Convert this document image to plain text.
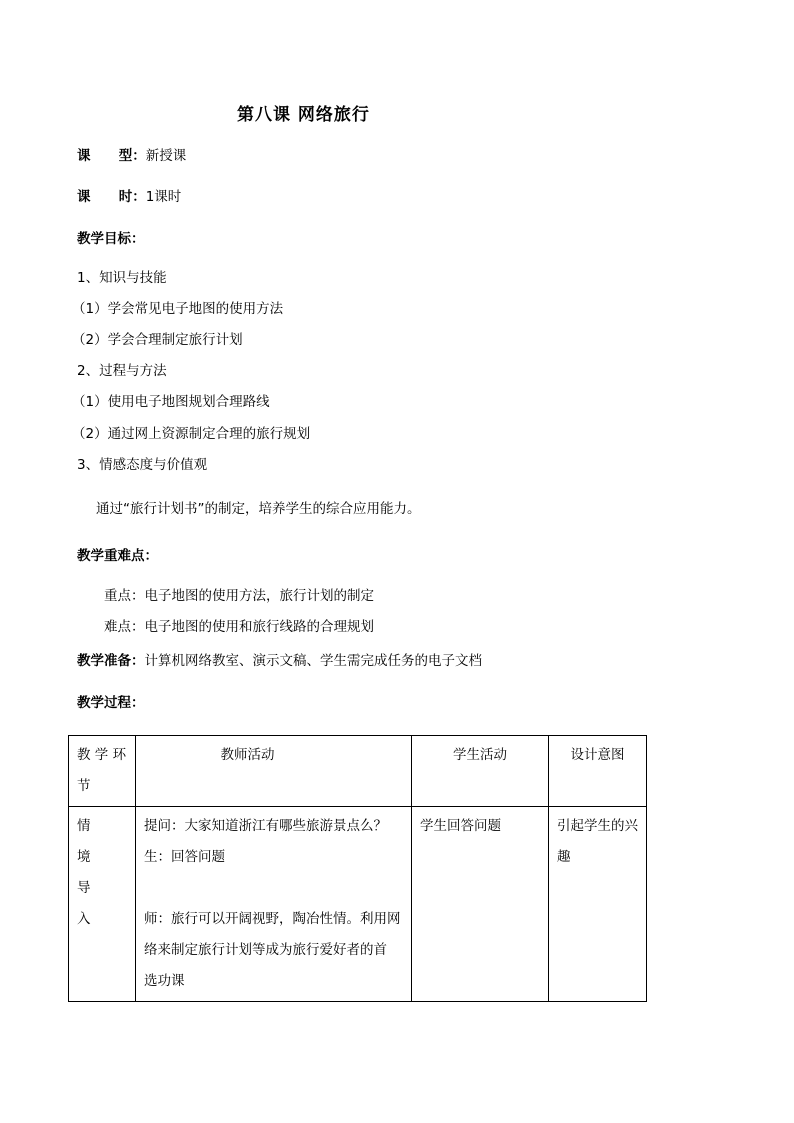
第八课 网络旅行
课      型：新授课
课      时：1课时
教学目标：
1、知识与技能
（1）学会常见电子地图的使用方法
（2）学会合理制定旅行计划
2、过程与方法
（1）使用电子地图规划合理路线
（2）通过网上资源制定合理的旅行规划
3、情感态度与价值观
通过“旅行计划书”的制定，培养学生的综合应用能力。
教学重难点：
重点：电子地图的使用方法，旅行计划的制定
难点：电子地图的使用和旅行线路的合理规划
教学准备：计算机网络教室、演示文稿、学生需完成任务的电子文档
教学过程：
教 学 环 节	教师活动	学生活动	设计意图

情
境
导
入	提问：大家知道浙江有哪些旅游景点么？
生：回答问题
师：旅行可以开阔视野，陶冶性情。利用网
络来制定旅行计划等成为旅行爱好者的首
选功课	学生回答问题	引起学生的兴趣
